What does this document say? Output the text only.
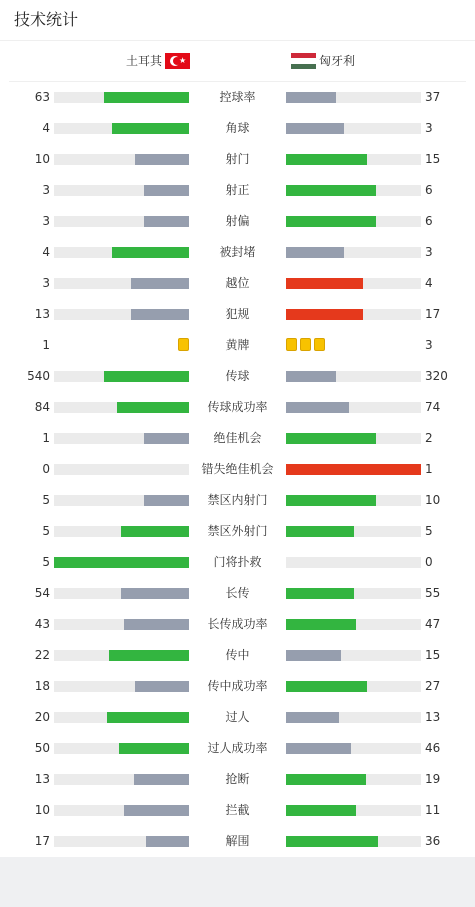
技术统计
土耳其 ★	匈牙利
63	控球率	37
4	角球	3
10	射门	15
3	射正	6
3	射偏	6
4	被封堵	3
3	越位	4
13	犯规	17
1	黄牌	3
540	传球	320
84	传球成功率	74
1	绝佳机会	2
0	错失绝佳机会	1
5	禁区内射门	10
5	禁区外射门	5
5	门将扑救	0
54	长传	55
43	长传成功率	47
22	传中	15
18	传中成功率	27
20	过人	13
50	过人成功率	46
13	抢断	19
10	拦截	11
17	解围	36
